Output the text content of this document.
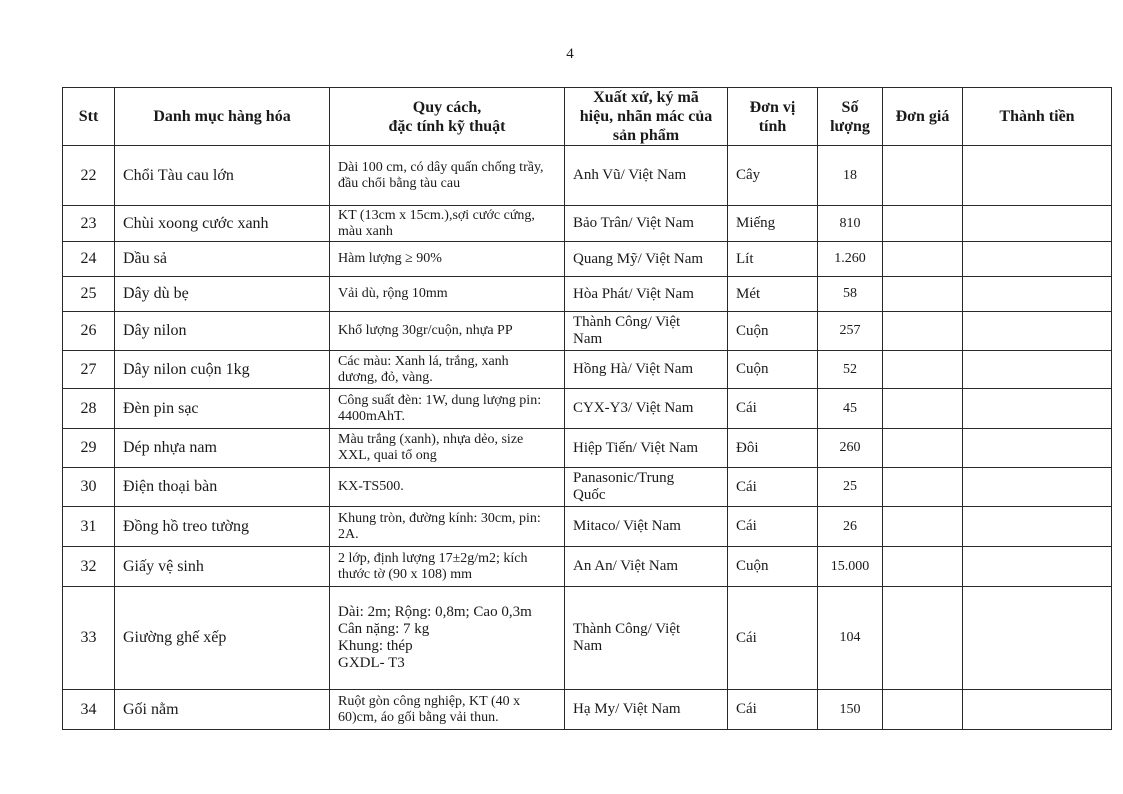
4
Stt	Danh mục hàng hóa	Quy cách,
đặc tính kỹ thuật	Xuất xứ, ký mã
hiệu, nhãn mác của
sản phẩm	Đơn vị
tính	Số
lượng	Đơn giá	Thành tiền
22	Chổi Tàu cau lớn	Dài 100 cm, có dây quấn chống trầy,
đầu chổi bằng tàu cau	Anh Vũ/ Việt Nam	Cây	18		
23	Chùi xoong cước xanh	KT (13cm x 15cm.),sợi cước cứng,
màu xanh	Bảo Trân/ Việt Nam	Miếng	810		
24	Dầu sả	Hàm lượng ≥ 90%	Quang Mỹ/ Việt Nam	Lít	1.260		
25	Dây dù bẹ	Vải dù, rộng 10mm	Hòa Phát/ Việt Nam	Mét	58		
26	Dây nilon	Khổ lượng 30gr/cuộn, nhựa PP	Thành Công/ Việt
Nam	Cuộn	257		
27	Dây nilon cuộn 1kg	Các màu: Xanh lá, trắng, xanh
dương, đỏ, vàng.	Hồng Hà/ Việt Nam	Cuộn	52		
28	Đèn pin sạc	Công suất đèn: 1W, dung lượng pin:
4400mAhT.	CYX-Y3/ Việt Nam	Cái	45		
29	Dép nhựa nam	Màu trắng (xanh), nhựa dẻo, size
XXL, quai tổ ong	Hiệp Tiến/ Việt Nam	Đôi	260		
30	Điện thoại bàn	KX-TS500.	Panasonic/Trung
Quốc	Cái	25		
31	Đồng hồ treo tường	Khung tròn, đường kính: 30cm, pin:
2A.	Mitaco/ Việt Nam	Cái	26		
32	Giấy vệ sinh	2 lớp, định lượng 17±2g/m2; kích
thước tờ (90 x 108) mm	An An/ Việt Nam	Cuộn	15.000		
33	Giường ghế xếp	Dài: 2m; Rộng: 0,8m; Cao 0,3m
Cân nặng: 7 kg
Khung: thép
GXDL- T3	Thành Công/ Việt
Nam	Cái	104		
34	Gối nằm	Ruột gòn công nghiệp, KT (40 x
60)cm, áo gối bằng vải thun.	Hạ My/ Việt Nam	Cái	150		
